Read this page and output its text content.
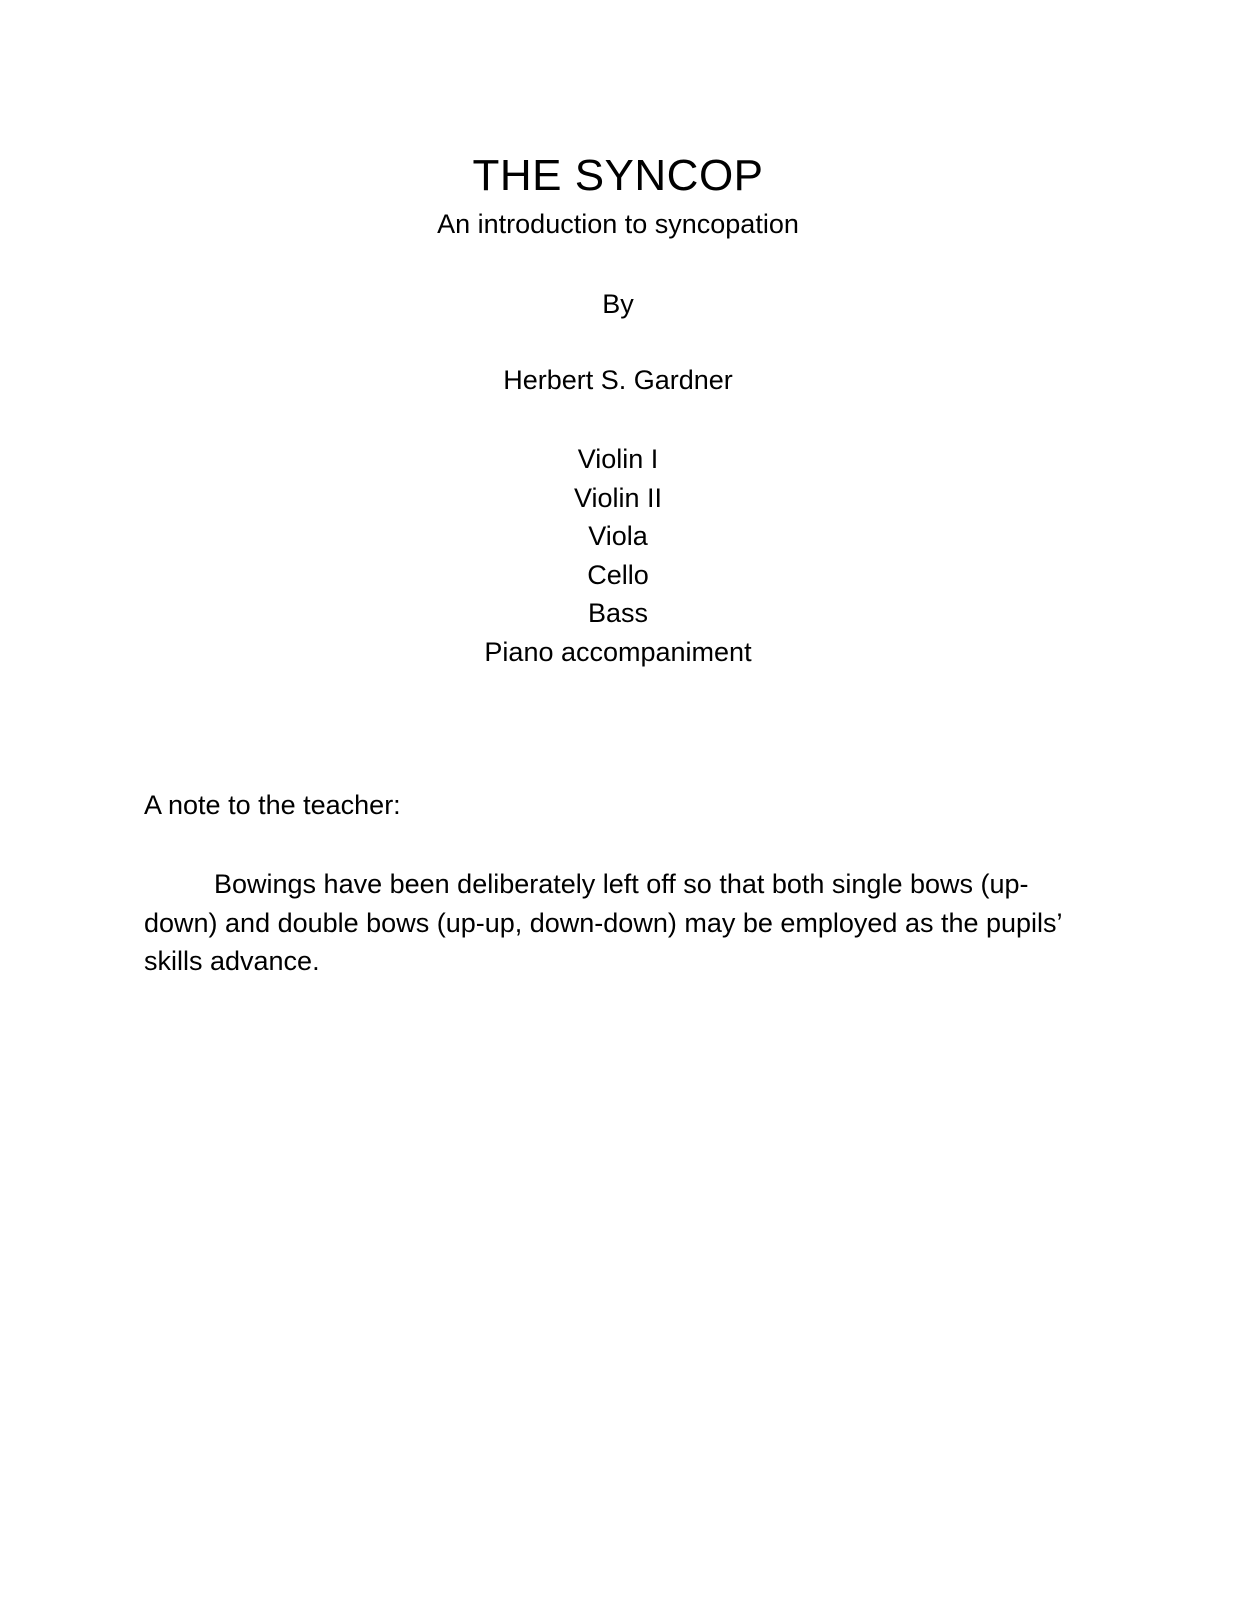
THE SYNCOP
An introduction to syncopation
By
Herbert S. Gardner
Violin I
Violin II
Viola
Cello
Bass
Piano accompaniment
A note to the teacher:

Bowings have been deliberately left off so that both single bows (up-down) and double bows (up-up, down-down) may be employed as the pupils’ skills advance.
